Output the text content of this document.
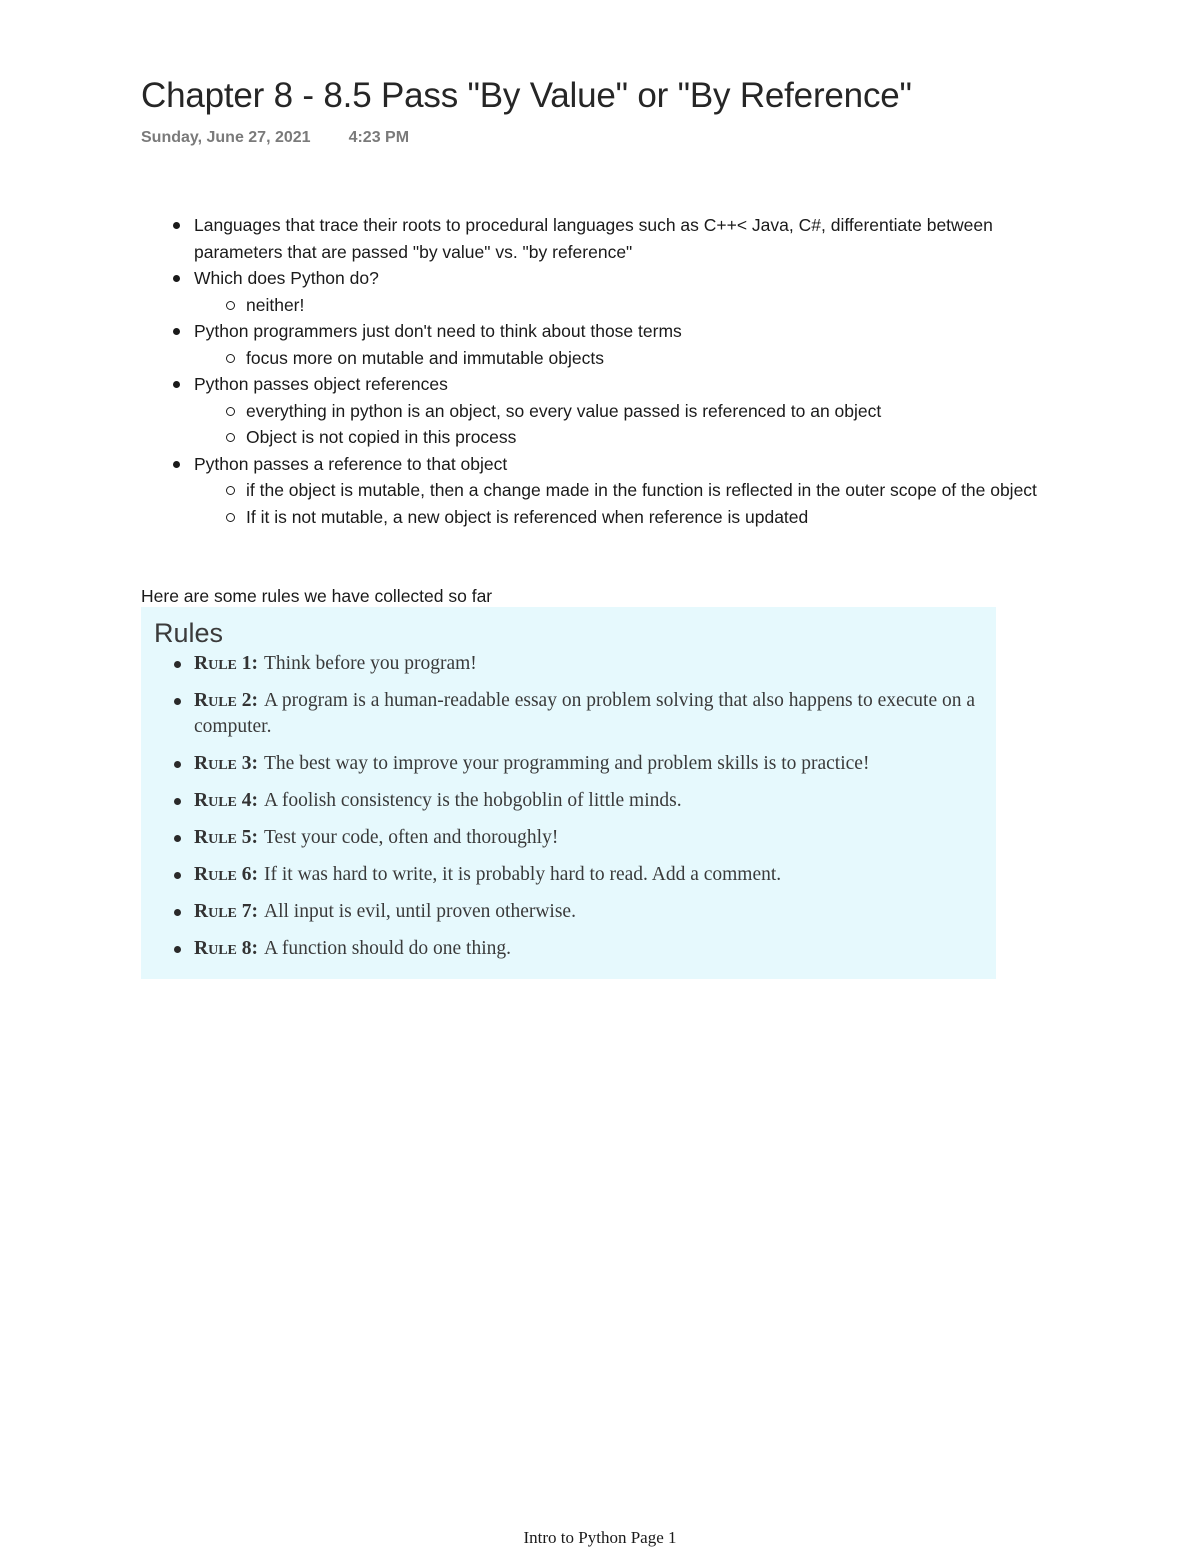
Chapter 8 - 8.5 Pass "By Value" or "By Reference"
Sunday, June 27, 2021 4:23 PM
Languages that trace their roots to procedural languages such as C++< Java, C#, differentiate between parameters that are passed "by value" vs. "by reference"
Which does Python do?
neither!
Python programmers just don't need to think about those terms
focus more on mutable and immutable objects
Python passes object references
everything in python is an object, so every value passed is referenced to an object
Object is not copied in this process
Python passes a reference to that object
if the object is mutable, then a change made in the function is reflected in the outer scope of the object
If it is not mutable, a new object is referenced when reference is updated
Here are some rules we have collected so far
Rules
Rule 1: Think before you program!
Rule 2: A program is a human-readable essay on problem solving that also happens to execute on a computer.
Rule 3: The best way to improve your programming and problem skills is to practice!
Rule 4: A foolish consistency is the hobgoblin of little minds.
Rule 5: Test your code, often and thoroughly!
Rule 6: If it was hard to write, it is probably hard to read. Add a comment.
Rule 7: All input is evil, until proven otherwise.
Rule 8: A function should do one thing.
Intro to Python Page 1
